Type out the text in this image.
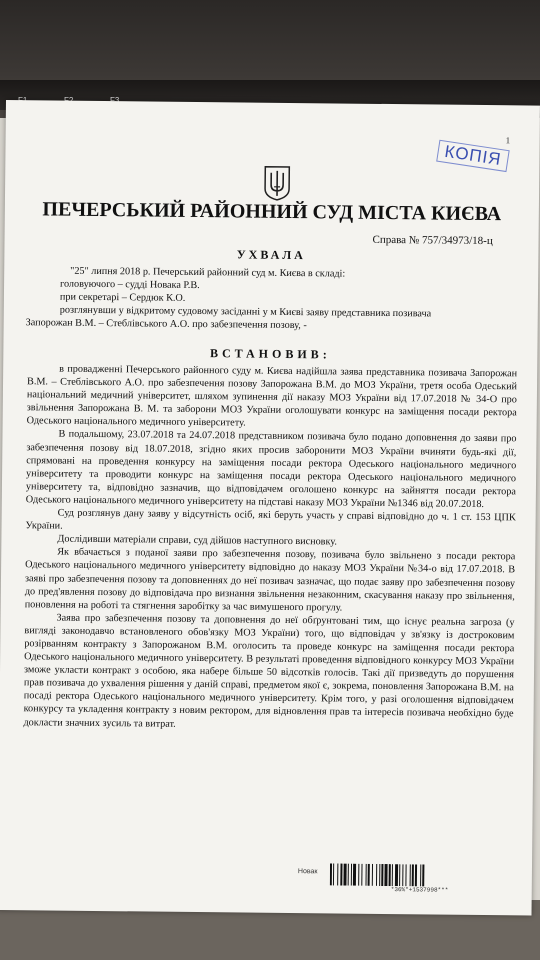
1
КОПІЯ
ПЕЧЕРСЬКИЙ РАЙОННИЙ СУД МІСТА КИЄВА
Справа № 757/34973/18-ц
УХВАЛА
"25" липня 2018 р. Печерський районний суд м. Києва в складі:
головуючого – судді Новака Р.В.
при секретарі – Сердюк К.О.
розглянувши у відкритому судовому засіданні у м Києві заяву представника позивача
Запорожан В.М. – Стеблівського А.О. про забезпечення позову, -
ВСТАНОВИВ:

в провадженні Печерського районного суду м. Києва надійшла заява представника позивача Запорожан В.М. – Стеблівського А.О. про забезпечення позову Запорожана В.М. до МОЗ України, третя особа Одеський національний медичний університет, шляхом зупинення дії наказу МОЗ України від 17.07.2018 № 34-О про звільнення Запорожана В. М. та заборони МОЗ України оголошувати конкурс на заміщення посади ректора Одеського національного медичного університету.

В подальшому, 23.07.2018 та 24.07.2018 представником позивача було подано доповнення до заяви про забезпечення позову від 18.07.2018, згідно яких просив заборонити МОЗ України вчиняти будь-які дії, спрямовані на проведення конкурсу на заміщення посади ректора Одеського національного медичного університету та проводити конкурс на заміщення посади ректора Одеського національного медичного університету та, відповідно зазначив, що відповідачем оголошено конкурс на зайняття посади ректора Одеського національного медичного університету на підставі наказу МОЗ України №1346 від 20.07.2018.

Суд розглянув дану заяву у відсутність осіб, які беруть участь у справі відповідно до ч. 1 ст. 153 ЦПК України.

Дослідивши матеріали справи, суд дійшов наступного висновку.

Як вбачається з поданої заяви про забезпечення позову, позивача було звільнено з посади ректора Одеського національного медичного університету відповідно до наказу МОЗ України №34-о від 17.07.2018. В заяві про забезпечення позову та доповненнях до неї позивач зазначає, що подає заяву про забезпечення позову до пред'явлення позову до відповідача про визнання звільнення незаконним, скасування наказу про звільнення, поновлення на роботі та стягнення заробітку за час вимушеного прогулу.

Заява про забезпечення позову та доповнення до неї обґрунтовані тим, що існує реальна загроза (у вигляді законодавчо встановленого обов'язку МОЗ України) того, що відповідач у зв'язку із достроковим розірванням контракту з Запорожаном В.М. оголосить та проведе конкурс на заміщення посади ректора Одеського національного медичного університету. В результаті проведення відповідного конкурсу МОЗ України зможе укласти контракт з особою, яка набере більше 50 відсотків голосів. Такі дії призведуть до порушення прав позивача до ухвалення рішення у даній справі, предметом якої є, зокрема, поновлення Запорожана В.М. на посаді ректора Одеського національного медичного університету. Крім того, у разі оголошення відповідачем конкурсу та укладення контракту з новим ректором, для відновлення прав та інтересів позивача необхідно буде докласти значних зусиль та витрат.

Новак
*36%*+1537998***
